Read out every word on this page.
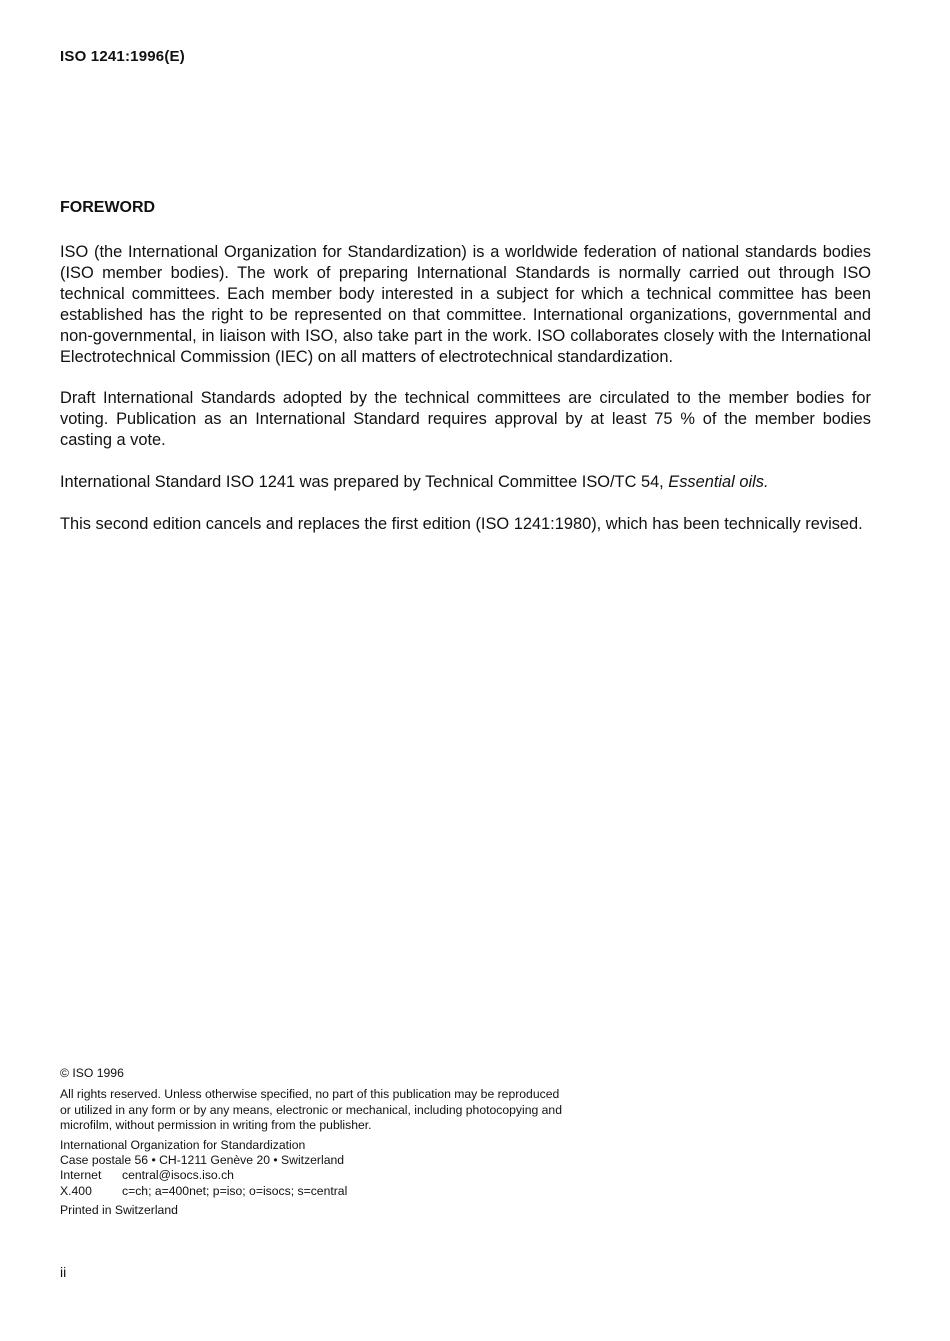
ISO 1241:1996(E)
FOREWORD

ISO (the International Organization for Standardization) is a worldwide federation of national standards bodies (ISO member bodies). The work of preparing International Standards is normally carried out through ISO technical committees. Each member body interested in a subject for which a technical committee has been established has the right to be represented on that committee. International organizations, governmental and non-governmental, in liaison with ISO, also take part in the work. ISO collaborates closely with the International Electrotechnical Commission (IEC) on all matters of electrotechnical standardization.

Draft International Standards adopted by the technical committees are circulated to the member bodies for voting. Publication as an International Standard requires approval by at least 75 % of the member bodies casting a vote.

International Standard ISO 1241 was prepared by Technical Committee ISO/TC 54, Essential oils.

This second edition cancels and replaces the first edition (ISO 1241:1980), which has been technically revised.

© ISO 1996
All rights reserved. Unless otherwise specified, no part of this publication may be reproduced
or utilized in any form or by any means, electronic or mechanical, including photocopying and
microfilm, without permission in writing from the publisher.
International Organization for Standardization
Case postale 56 • CH-1211 Genève 20 • Switzerland
Internet central@isocs.iso.ch
X.400 c=ch; a=400net; p=iso; o=isocs; s=central
Printed in Switzerland
ii
